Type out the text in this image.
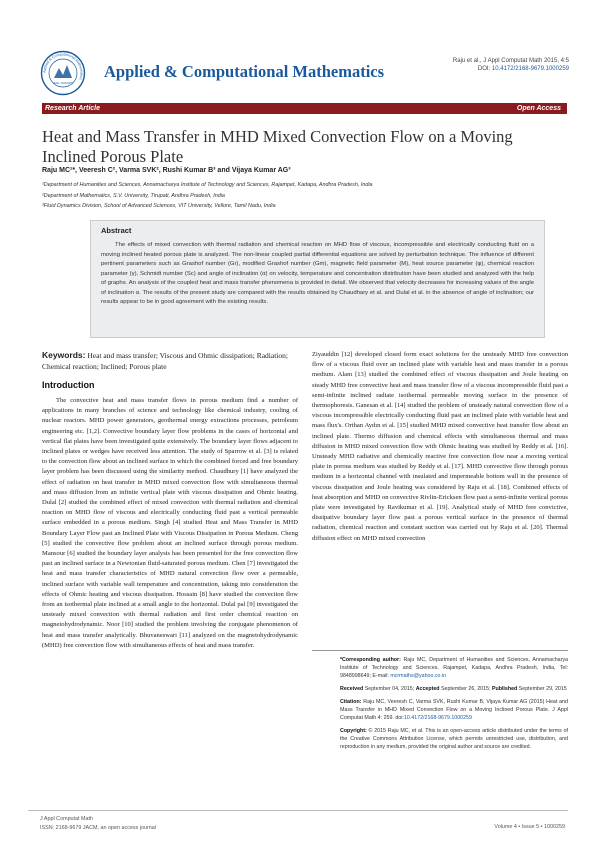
Applied & Computational Mathematics
ISSN: 2168-9679
Applied & Computational Mathematics
Raju et al., J Appl Computat Math 2015, 4:5
DOI: 10.4172/2168-9679.1000259
Research Article	Open Access
Heat and Mass Transfer in MHD Mixed Convection Flow on a Moving Inclined Porous Plate
Raju MC¹*, Veeresh C², Varma SVK², Rushi Kumar B³ and Vijaya Kumar AG³
¹Department of Humanities and Sciences, Annamacharya Institute of Technology and Sciences, Rajampet, Kadapa, Andhra Pradesh, India
²Department of Mathematics, S.V. University, Tirupati, Andhra Pradesh, India
³Fluid Dynamics Division, School of Advanced Sciences, VIT University, Vellore, Tamil Nadu, India
Abstract

The effects of mixed convection with thermal radiation and chemical reaction on MHD flow of viscous, incompressible and electrically conducting fluid on a moving inclined heated porous plate is analyzed. The non-linear coupled partial differential equations are solved by perturbation technique. The influence of different pertinent parameters such as Grashof number (Gr), modified Grashof number (Gm), magnetic field parameter (M), heat source parameter (φ), chemical reaction parameter (γ), Schmidt number (Sc) and angle of inclination (α) on velocity, temperature and concentration distribution have been studied and analyzed with the help of graphs. An analysis of the coupled heat and mass transfer phenomena is provided in detail. We observed that velocity decreases for increasing values of the angle of inclination α. The results of the present study are compared with the results obtained by Chaudhary et al. and Dulal et al. in the absence of angle of inclination; our results appear to be in good agreement with the existing results.

Keywords: Heat and mass transfer; Viscous and Ohmic dissipation; Radiation; Chemical reaction; Inclined; Porous plate

Introduction

The convective heat and mass transfer flows in porous medium find a number of applications in many branches of science and technology like chemical industry, cooling of nuclear reactors. MHD power generators, geothermal energy extractions processes, petroleum engineering etc. [1,2]. Convective boundary layer flow problems in the cases of horizontal and vertical flat plates have been investigated quite extensively. The boundary layer flows adjacent to inclined plates or wedges have received less attention. The study of Sparrow et al. [3] is related to the convection flow about an inclined surface in which the combined forced and free boundary layer problem has been discussed using the similarity method. Chaudhury [1] have analyzed the effect of radiation on heat transfer in MHD mixed convection flow with simultaneous thermal and mass diffusion from an infinite vertical plate with viscous dissipation and Ohmic heating. Dulal [2] studied the combined effect of mixed convection with thermal radiation and chemical reaction on MHD flow of viscous and electrically conducting fluid past a vertical permeable surface embedded in a porous medium. Singh [4] studied Heat and Mass Transfer in MHD Boundary Layer Flow past an Inclined Plate with Viscous Dissipation in Porous Medium. Cheng [5] studied the convective flow problem about an inclined surface through porous medium. Mansour [6] studied the boundary layer analysis has been presented for the free convection flow past an inclined surface in a Newtonian fluid-saturated porous medium. Chen [7] investigated the heat and mass transfer characteristics of MHD natural convection flow over a permeable, inclined surface with variable wall temperature and concentration, taking into consideration the effects of Ohmic heating and viscous dissipation. Hossain [8] have studied the convection flow from an isothermal plate inclined at a small angle to the horizontal. Dulal pal [9] investigated the unsteady mixed convection with thermal radiation and first order chemical reaction on magnetohydrodynamic. Noor [10] studied the problem involving the conjugate phenomenon of heat and mass transfer analytically. Bhuvaneswari [11] analyzed on the magnetohydrodynamic (MHD) free convection flow with simultaneous effects of heat and mass transfer.

Ziyauddin [12] developed closed form exact solutions for the unsteady MHD free convection flow of a viscous fluid over an inclined plate with variable heat and mass transfer in a porous medium. Alam [13] studied the combined effect of viscous dissipation and Joule heating on steady MHD free convective heat and mass transfer flow of a viscous incompressible fluid past a semi-infinite inclined radiate isothermal permeable moving surface in the presence of thermophoresis. Ganesan et al. [14] studied the problem of unsteady natural convection flow of a viscous incompressible electrically conducting fluid past an inclined plate with variable heat and mass flux's. Orthan Aydın et al. [15] studied MHD mixed convective heat transfer flow about an inclined plate. Thermo diffusion and chemical effects with simultaneous thermal and mass diffusion in MHD mixed convection flow with Ohmic heating was studied by Reddy et al. [16]. Unsteady MHD radiative and chemically reactive free convection flow near a moving vertical plate in porous medium was studied by Reddy et al. [17]. MHD convective flow through porous medium in a horizontal channel with insulated and impermeable bottom wall in the presence of viscous dissipation and Joule heating was considered by Raju et al. [18]. Combined effects of heat absorption and MHD on convective Rivlin-Ericksen flow past a semi-infinite vertical porous plate were investigated by Ravikumar et al. [19]. Analytical study of MHD free convictive, dissipative boundary layer flow past a porous vertical surface in the presence of thermal radiation, chemical reaction and constant suction was carried out by Raju et al. [20]. Thermal diffusion effect on MHD mixed convection

*Corresponding author: Raju MC, Department of Humanities and Sciences, Annamacharya Institute of Technology and Sciences, Rajampet, Kadapa, Andhra Pradesh, India, Tel: 9848998649; E-mail: mcrmaths@yahoo.co.in

Received September 04, 2015; Accepted September 26, 2015; Published September 29, 2015

Citation: Raju MC, Veeresh C, Varma SVK, Rushi Kumar B, Vijaya Kumar AG (2015) Heat and Mass Transfer in MHD Mixed Convection Flow on a Moving Inclined Porous Plate. J Appl Computat Math 4: 259. doi:10.4172/2168-9679.1000259

Copyright: © 2015 Raju MC, et al. This is an open-access article distributed under the terms of the Creative Commons Attribution License, which permits unrestricted use, distribution, and reproduction in any medium, provided the original author and source are credited.

J Appl Computat Math
ISSN: 2168-9679 JACM, an open access journal	Volume 4 • Issue 5 • 1000259
